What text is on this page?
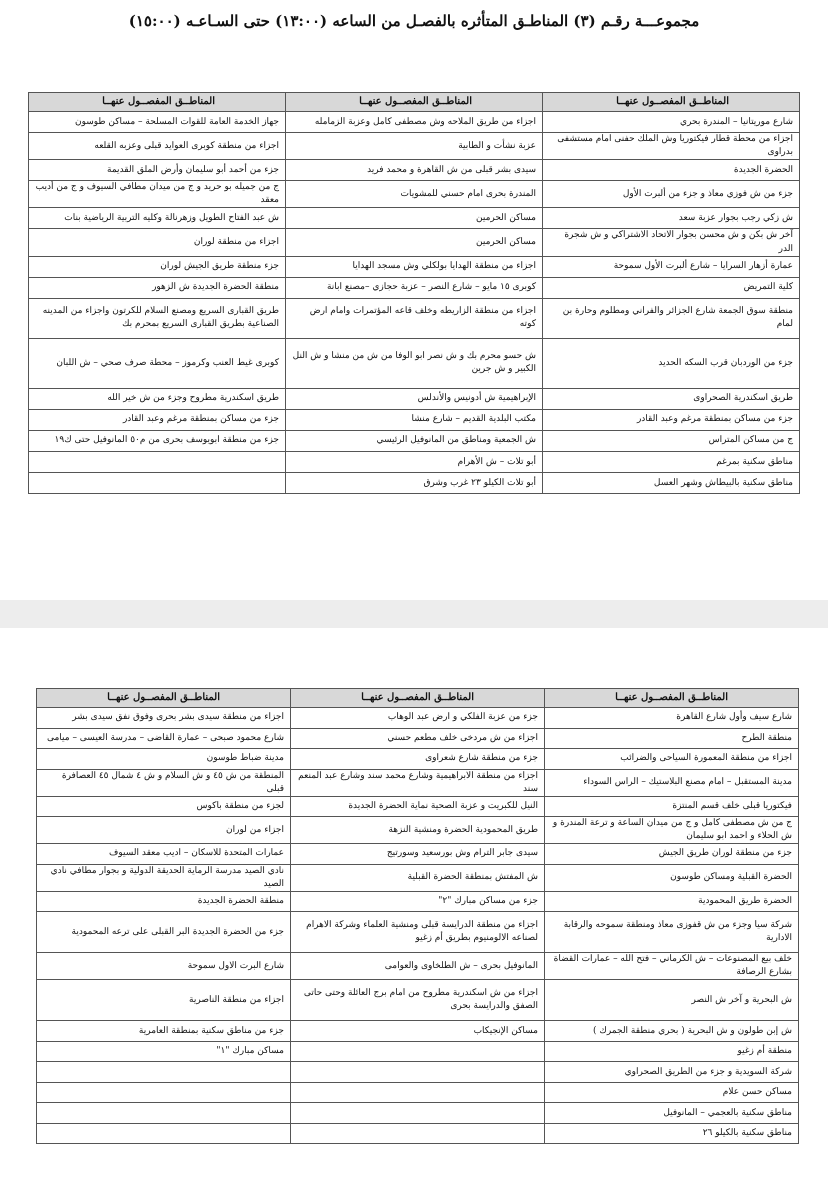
مجموعـــة رقـم (٣) المناطـق المتأثره بالفصـل من الساعه (١٣:٠٠) حتى السـاعـه (١٥:٠٠)
المناطــق المفصــول عنهــا	المناطــق المفصــول عنهــا	المناطــق المفصــول عنهــا
شارع موريتانيا – المندرة بحري	اجزاء من طريق الملاحه وش مصطفى كامل وعزبة الزمامله	جهاز الخدمة العامة للقوات المسلحة – مساكن طوسون
اجزاء من محطة قطار فيكتوريا وش الملك حفنى امام مستشفى بدراوى	عزبة نشأت و الطابية	اجزاء من منطقة كوبرى العوايد قبلى وعزبه القلعه
الحضرة الجديدة	سيدى بشر قبلى من ش القاهرة و محمد فريد	جزء من أحمد أبو سليمان وأرض الملق القديمة
جزء من ش فوزي معاذ و جزء من ألبرت الأول	المندرة بحرى امام حسني للمشويات	ج من جميله بو حريد و ج من ميدان مطافي السيوف و ج من أديب معقد
ش زكي رجب بجوار عزبة سعد	مساكن الحرمين	ش عبد الفتاح الطويل وزهرنالة وكليه التربية الرياضية بنات
آخر ش بكن و ش محسن بجوار الاتحاد الاشتراكي و ش شجرة الدر	مساكن الحرمين	اجزاء من منطقة لوران
عمارة أزهار السرايا – شارع ألبرت الأول سموحة	اجزاء من منطقة الهدايا بولكلي وش مسجد الهدايا	جزء منطقة طريق الجيش لوران
كلية التمريض	كوبرى ١٥ مايو – شارع النصر – عزبة حجازي –مصنع ابانة	منطقة الحضرة الجديدة ش الزهور
منطقة سوق الجمعة شارع الجزائر والفراني ومطلوم وحارة بن لمام	اجزاء من منطقة الزاريطه وخلف قاعه المؤتمرات وامام ارض كوته	طريق القبارى السريع ومصنع السلام للكرتون واجزاء من المدينه الصناعية بطريق القبارى السريع بمحرم بك
جزء من الوردبان قرب السكه الحديد	ش حسو محرم بك و ش نصر ابو الوفا من ش من منشا و ش النل الكبير و ش جرين	كوبرى غيط العنب وكرموز – محطة صرف صحي – ش اللبان
طريق اسكندرية الصحراوى	الإبراهيمية ش أدونيس والأندلس	طريق اسكندرية مطروح وجزء من ش خير الله
جزء من مساكن بمنطقة مرغم وعبد القادر	مكتب البلدية القديم – شارع منشا	جزء من مساكن بمنطقة مرغم وعبد القادر
ج من مساكن المتراس	ش الجمعية ومناطق من المانوفيل الرئيسي	جزء من منطقة ابويوسف بحرى من م٥٠ المانوفيل حتى ك١٩
مناطق سكنية بمرغم	أبو تلات – ش الأهرام	
مناطق سكنية بالبيطاش وشهر العسل	أبو تلات الكيلو ٢٣ غرب وشرق	
المناطــق المفصــول عنهــا	المناطــق المفصــول عنهــا	المناطــق المفصــول عنهــا
شارع سيف وأول شارع القاهرة	جزء من عزبة الفلكي و ارض عبد الوهاب	اجزاء من منطقة سيدى بشر بحرى وفوق نفق سيدى بشر
منطقة الطرح	اجزاء من ش مردخى خلف مطعم حسني	شارع محمود صبحى – عمارة القاضى – مدرسة العيسى – ميامى
اجزاء من منطقة المعمورة السياحى والضرائب	جزء من منطقة شارع شعراوى	مدينة ضباط طوسون
مدينة المستقبل – امام مصنع البلاستيك – الراس السوداء	اجزاء من منطقة الابراهيمية وشارع محمد سند وشارع عبد المنعم سند	المنطقة من ش ٤٥ و ش السلام و ش ٤ شمال ٤٥ العصافرة قبلى
فيكتوريا قبلى خلف قسم المنتزة	النيل للكبريت و عزبة الصحية نماية الحضرة الجديدة	لجزء من منطقة باكوس
ج من ش مصطفى كامل و ج من ميدان الساعة و ترعة المندرة و ش الحلاء و احمد ابو سليمان	طريق المحمودية الحضرة ومنشية النزهة	اجزاء من لوران
جزء من منطقة لوران طريق الجيش	سيدى جابر الترام وش بورسعيد وسورتيج	عمارات المتحدة للاسكان – اديب معقد السيوف
الحضرة القبلية ومساكن طوسون	ش المفتش بمنطقة الحضرة القبلية	نادي الصيد مدرسة الرماية الحديقة الدولية و بجوار مطافي نادي الصيد
الحضرة طريق المحمودية	جزء من مساكن مبارك "٢"	منطقة الحضرة الجديدة
شركة سيا وجزء من ش قفوزى معاذ ومنطقة سموحه والرقابة الادارية	اجزاء من منطقة الدرايسة قبلى ومنشية العلماء وشركة الاهرام لصناعه الالومنيوم بطريق أم زغيو	جزء من الحضرة الجديدة البر القبلى على ترعه المحمودية
خلف بيع المصنوعات – ش الكرماني – فتح الله – عمارات القضاة بشارع الرصافة	المانوفيل بحرى – ش الطلخاوى والعوامى	شارع البرت الاول سموحة
ش البحرية و آخر ش النصر	اجزاء من ش اسكندرية مطروح من امام برج العائلة وحتى حاتى الصفق والدرايسة بحرى	اجزاء من منطقة الناصرية
ش إبن طولون و ش البحرية ( بحري منطقة الجمرك )	مساكن الإنجيكاب	جزء من مناطق سكنية بمنطقة العامرية
منطقة أم زغيو		مساكن مبارك "١"
شركة السويدية و جزء من الطريق الصحراوي		
مساكن حسن علام		
مناطق سكنية بالعجمي – المانوفيل		
مناطق سكنية بالكيلو ٢٦		
